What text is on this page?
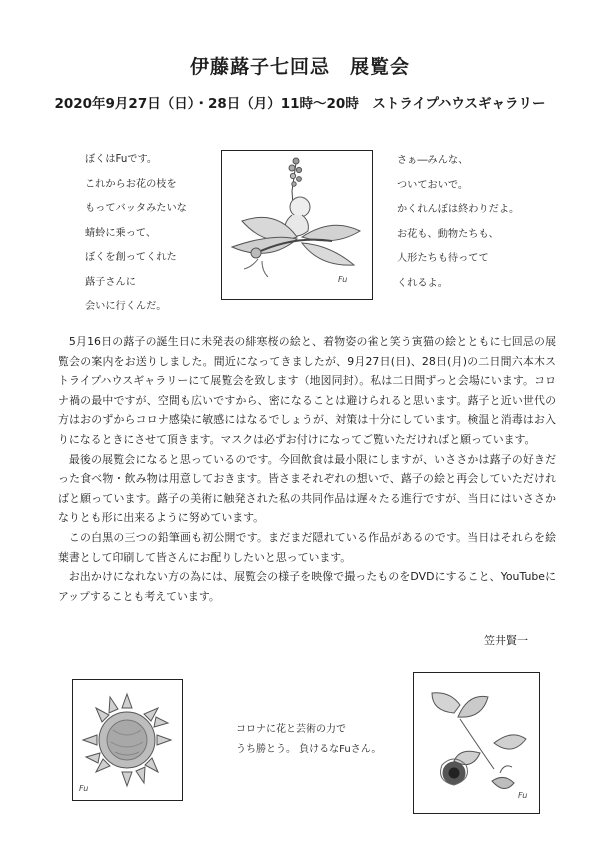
伊藤蕗子七回忌　展覧会
2020年9月27日（日）・28日（月）11時～20時　ストライプハウスギャラリー
ぼくはFuです。
これからお花の枝を
もってバッタみたいな
蜻蛉に乗って、
ぼくを創ってくれた
蕗子さんに
会いに行くんだ。
Fu
さぁ―みんな、
ついておいで。
かくれんぼは終わりだよ。
お花も、動物たちも、
人形たちも待ってて
くれるよ。

5月16日の蕗子の誕生日に未発表の緋寒桜の絵と、着物姿の雀と笑う寅猫の絵とともに七回忌の展覧会の案内をお送りしました。間近になってきましたが、9月27日(日)、28日(月)の二日間六本木ストライプハウスギャラリーにて展覧会を致します（地図同封）。私は二日間ずっと会場にいます。コロナ禍の最中ですが、空間も広いですから、密になることは避けられると思います。蕗子と近い世代の方はおのずからコロナ感染に敏感にはなるでしょうが、対策は十分にしています。検温と消毒はお入りになるときにさせて頂きます。マスクは必ずお付けになってご覧いただければと願っています。

最後の展覧会になると思っているのです。今回飲食は最小限にしますが、いささかは蕗子の好きだった食べ物・飲み物は用意しておきます。皆さまそれぞれの想いで、蕗子の絵と再会していただければと願っています。蕗子の美術に触発された私の共同作品は遅々たる進行ですが、当日にはいささかなりとも形に出来るように努めています。

この白黒の三つの鉛筆画も初公開です。まだまだ隠れている作品があるのです。当日はそれらを絵葉書として印刷して皆さんにお配りしたいと思っています。

お出かけになれない方の為には、展覧会の様子を映像で撮ったものをDVDにすること、YouTubeにアップすることも考えています。

笠井賢一
Fu
コロナに花と芸術の力で
うち勝とう。 負けるなFuさん。
Fu
